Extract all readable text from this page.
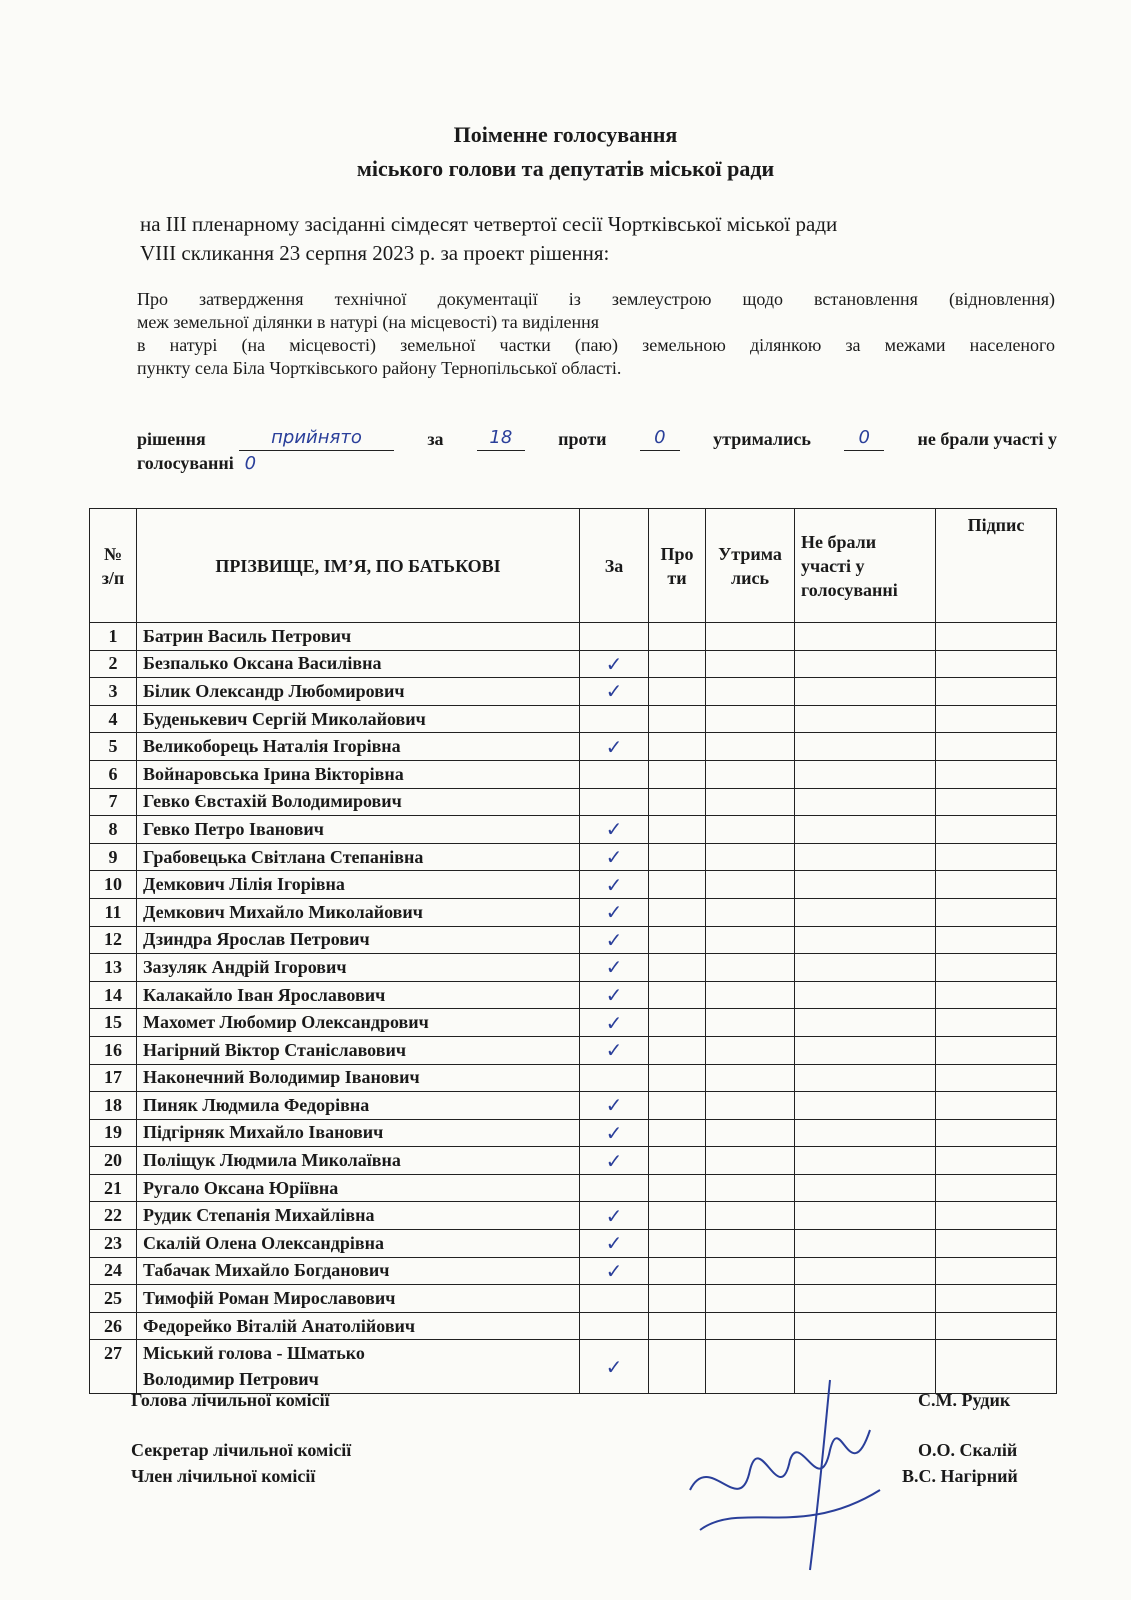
Поіменне голосування
міського голови та депутатів міської ради
на ІІІ пленарному засіданні сімдесят четвертої сесії Чортківської міської ради
VІІІ скликання 23 серпня 2023 р. за проект рішення:
Про затвердження технічної документації із землеустрою щодо встановлення (відновлення)
меж земельної ділянки в натурі (на місцевості) та виділення
в натурі (на місцевості) земельної частки (паю) земельною ділянкою за межами населеного
пункту села Біла Чортківського району Тернопільської області.
рішення	прийнято	за	18	проти	0	утримались	0	не брали участі у
голосуванні 0
№ з/п	ПРІЗВИЩЕ, ІМ’Я, ПО БАТЬКОВІ	За	Про ти	Утрима лись	Не брали участі у голосуванні	Підпис
1	Батрин Василь Петрович					
2	Безпалько Оксана Василівна	✓				
3	Білик Олександр Любомирович	✓				
4	Буденькевич Сергій Миколайович					
5	Великоборець Наталія Ігорівна	✓				
6	Войнаровська Ірина Вікторівна					
7	Гевко Євстахій Володимирович					
8	Гевко Петро Іванович	✓				
9	Грабовецька Світлана Степанівна	✓				
10	Демкович Лілія Ігорівна	✓				
11	Демкович Михайло Миколайович	✓				
12	Дзиндра Ярослав Петрович	✓				
13	Зазуляк Андрій Ігорович	✓				
14	Калакайло Іван Ярославович	✓				
15	Махомет Любомир Олександрович	✓				
16	Нагірний Віктор Станіславович	✓				
17	Наконечний Володимир Іванович					
18	Пиняк Людмила Федорівна	✓				
19	Підгірняк Михайло Іванович	✓				
20	Поліщук Людмила Миколаївна	✓				
21	Ругало Оксана Юріївна					
22	Рудик Степанія Михайлівна	✓				
23	Скалій Олена Олександрівна	✓				
24	Табачак Михайло Богданович	✓				
25	Тимофій Роман Мирославович					
26	Федорейко Віталій Анатолійович					
27	Міський голова - Шматько
Володимир Петрович	✓				
Голова лічильної комісії	С.М. Рудик
Секретар лічильної комісії	О.О. Скалій
Член лічильної комісії	В.С. Нагірний
